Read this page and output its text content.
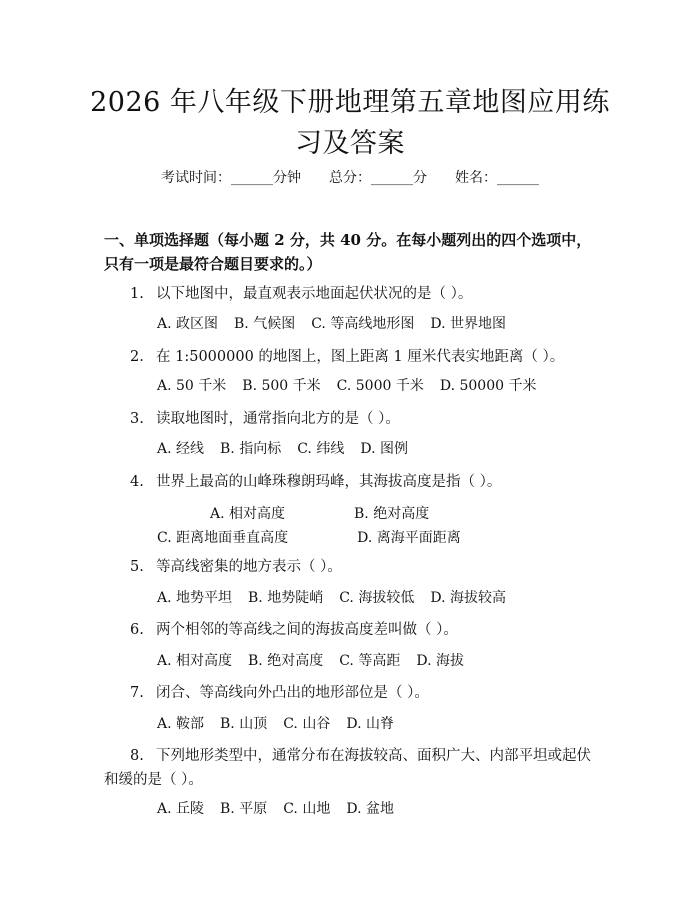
2026 年八年级下册地理第五章地图应用练习及答案
考试时间：______分钟 总分：______分 姓名：______
一、单项选择题（每小题 2 分，共 40 分。在每小题列出的四个选项中，只有一项是最符合题目要求的。）
1. 以下地图中，最直观表示地面起伏状况的是（ ）。
A. 政区图 B. 气候图 C. 等高线地形图 D. 世界地图
2. 在 1:5000000 的地图上，图上距离 1 厘米代表实地距离（ ）。
A. 50 千米 B. 500 千米 C. 5000 千米 D. 50000 千米
3. 读取地图时，通常指向北方的是（ ）。
A. 经线 B. 指向标 C. 纬线 D. 图例
4. 世界上最高的山峰珠穆朗玛峰，其海拔高度是指（ ）。
A. 相对高度	B. 绝对高度C. 距离地面垂直高度	D. 离海平面距离
5. 等高线密集的地方表示（ ）。
A. 地势平坦 B. 地势陡峭 C. 海拔较低 D. 海拔较高
6. 两个相邻的等高线之间的海拔高度差叫做（ ）。
A. 相对高度 B. 绝对高度 C. 等高距 D. 海拔
7. 闭合、等高线向外凸出的地形部位是（ ）。
A. 鞍部 B. 山顶 C. 山谷 D. 山脊
8. 下列地形类型中，通常分布在海拔较高、面积广大、内部平坦或起伏和缓的是（ ）。
A. 丘陵 B. 平原 C. 山地 D. 盆地
